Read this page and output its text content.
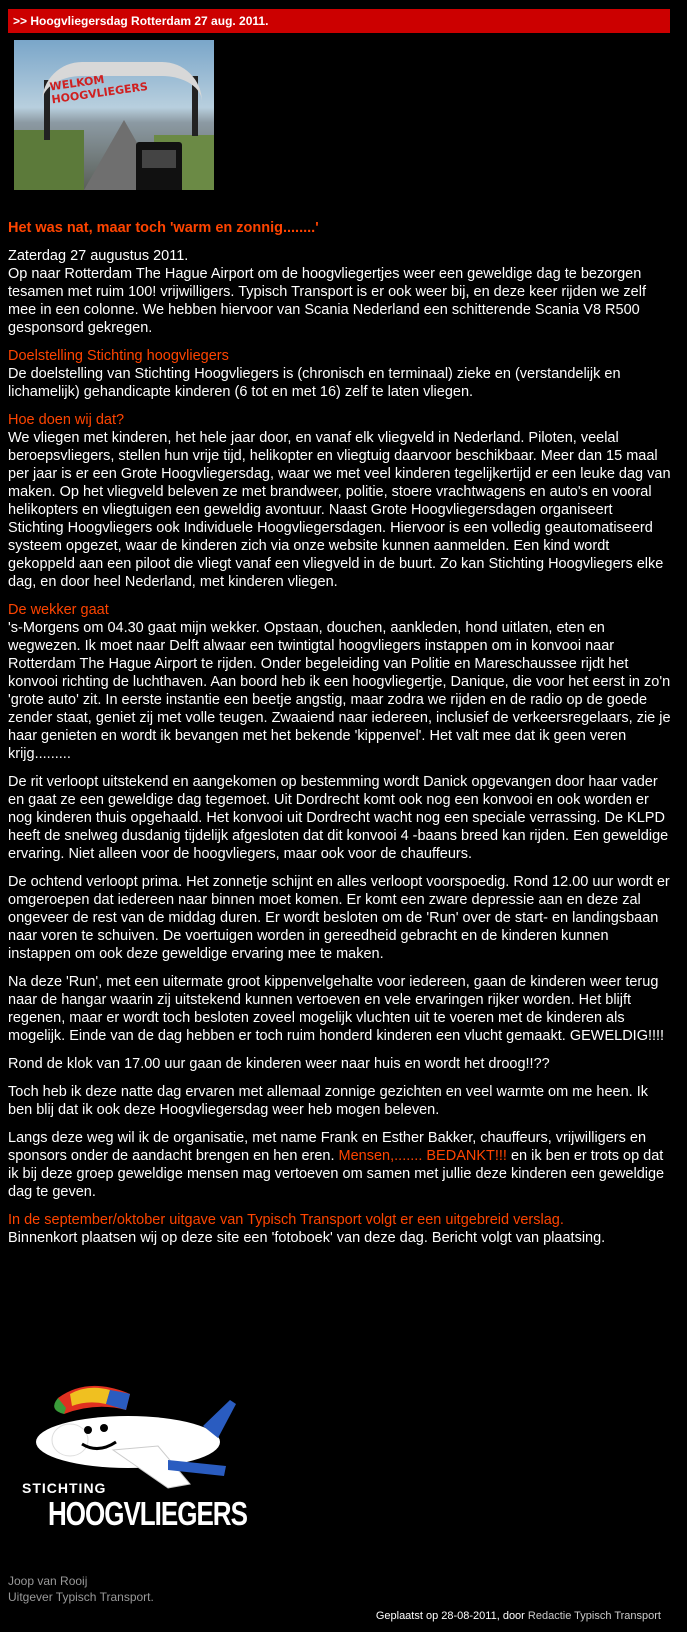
>> Hoogvliegersdag Rotterdam 27 aug. 2011.
WELKOM HOOGVLIEGERS

Het was nat, maar toch 'warm en zonnig........'

Zaterdag 27 augustus 2011.
Op naar Rotterdam The Hague Airport om de hoogvliegertjes weer een geweldige dag te bezorgen tesamen met ruim 100! vrijwilligers. Typisch Transport is er ook weer bij, en deze keer rijden we zelf mee in een colonne. We hebben hiervoor van Scania Nederland een schitterende Scania V8 R500 gesponsord gekregen.

Doelstelling Stichting hoogvliegers
De doelstelling van Stichting Hoogvliegers is (chronisch en terminaal) zieke en (verstandelijk en lichamelijk) gehandicapte kinderen (6 tot en met 16) zelf te laten vliegen.

Hoe doen wij dat?
We vliegen met kinderen, het hele jaar door, en vanaf elk vliegveld in Nederland. Piloten, veelal beroepsvliegers, stellen hun vrije tijd, helikopter en vliegtuig daarvoor beschikbaar. Meer dan 15 maal per jaar is er een Grote Hoogvliegersdag, waar we met veel kinderen tegelijkertijd er een leuke dag van maken. Op het vliegveld beleven ze met brandweer, politie, stoere vrachtwagens en auto's en vooral helikopters en vliegtuigen een geweldig avontuur. Naast Grote Hoogvliegersdagen organiseert Stichting Hoogvliegers ook Individuele Hoogvliegersdagen. Hiervoor is een volledig geautomatiseerd systeem opgezet, waar de kinderen zich via onze website kunnen aanmelden. Een kind wordt gekoppeld aan een piloot die vliegt vanaf een vliegveld in de buurt. Zo kan Stichting Hoogvliegers elke dag, en door heel Nederland, met kinderen vliegen.

De wekker gaat
's-Morgens om 04.30 gaat mijn wekker. Opstaan, douchen, aankleden, hond uitlaten, eten en wegwezen. Ik moet naar Delft alwaar een twintigtal hoogvliegers instappen om in konvooi naar Rotterdam The Hague Airport te rijden. Onder begeleiding van Politie en Mareschaussee rijdt het konvooi richting de luchthaven. Aan boord heb ik een hoogvliegertje, Danique, die voor het eerst in zo'n 'grote auto' zit. In eerste instantie een beetje angstig, maar zodra we rijden en de radio op de goede zender staat, geniet zij met volle teugen. Zwaaiend naar iedereen, inclusief de verkeersregelaars, zie je haar genieten en wordt ik bevangen met het bekende 'kippenvel'. Het valt mee dat ik geen veren krijg.........

De rit verloopt uitstekend en aangekomen op bestemming wordt Danick opgevangen door haar vader en gaat ze een geweldige dag tegemoet. Uit Dordrecht komt ook nog een konvooi en ook worden er nog kinderen thuis opgehaald. Het konvooi uit Dordrecht wacht nog een speciale verrassing. De KLPD heeft de snelweg dusdanig tijdelijk afgesloten dat dit konvooi 4 -baans breed kan rijden. Een geweldige ervaring. Niet alleen voor de hoogvliegers, maar ook voor de chauffeurs.

De ochtend verloopt prima. Het zonnetje schijnt en alles verloopt voorspoedig. Rond 12.00 uur wordt er omgeroepen dat iedereen naar binnen moet komen. Er komt een zware depressie aan en deze zal ongeveer de rest van de middag duren. Er wordt besloten om de 'Run' over de start- en landingsbaan naar voren te schuiven. De voertuigen worden in gereedheid gebracht en de kinderen kunnen instappen om ook deze geweldige ervaring mee te maken.

Na deze 'Run', met een uitermate groot kippenvelgehalte voor iedereen, gaan de kinderen weer terug naar de hangar waarin zij uitstekend kunnen vertoeven en vele ervaringen rijker worden. Het blijft regenen, maar er wordt toch besloten zoveel mogelijk vluchten uit te voeren met de kinderen als mogelijk. Einde van de dag hebben er toch ruim honderd kinderen een vlucht gemaakt. GEWELDIG!!!!

Rond de klok van 17.00 uur gaan de kinderen weer naar huis en wordt het droog!!??

Toch heb ik deze natte dag ervaren met allemaal zonnige gezichten en veel warmte om me heen. Ik ben blij dat ik ook deze Hoogvliegersdag weer heb mogen beleven.

Langs deze weg wil ik de organisatie, met name Frank en Esther Bakker, chauffeurs, vrijwilligers en sponsors onder de aandacht brengen en hen eren. Mensen,....... BEDANKT!!! en ik ben er trots op dat ik bij deze groep geweldige mensen mag vertoeven om samen met jullie deze kinderen een geweldige dag te geven.

In de september/oktober uitgave van Typisch Transport volgt er een uitgebreid verslag.
Binnenkort plaatsen wij op deze site een 'fotoboek' van deze dag. Bericht volgt van plaatsing.

STICHTING
HOOGVLIEGERS
Joop van Rooij
Uitgever Typisch Transport.
Geplaatst op 28-08-2011, door Redactie Typisch Transport
